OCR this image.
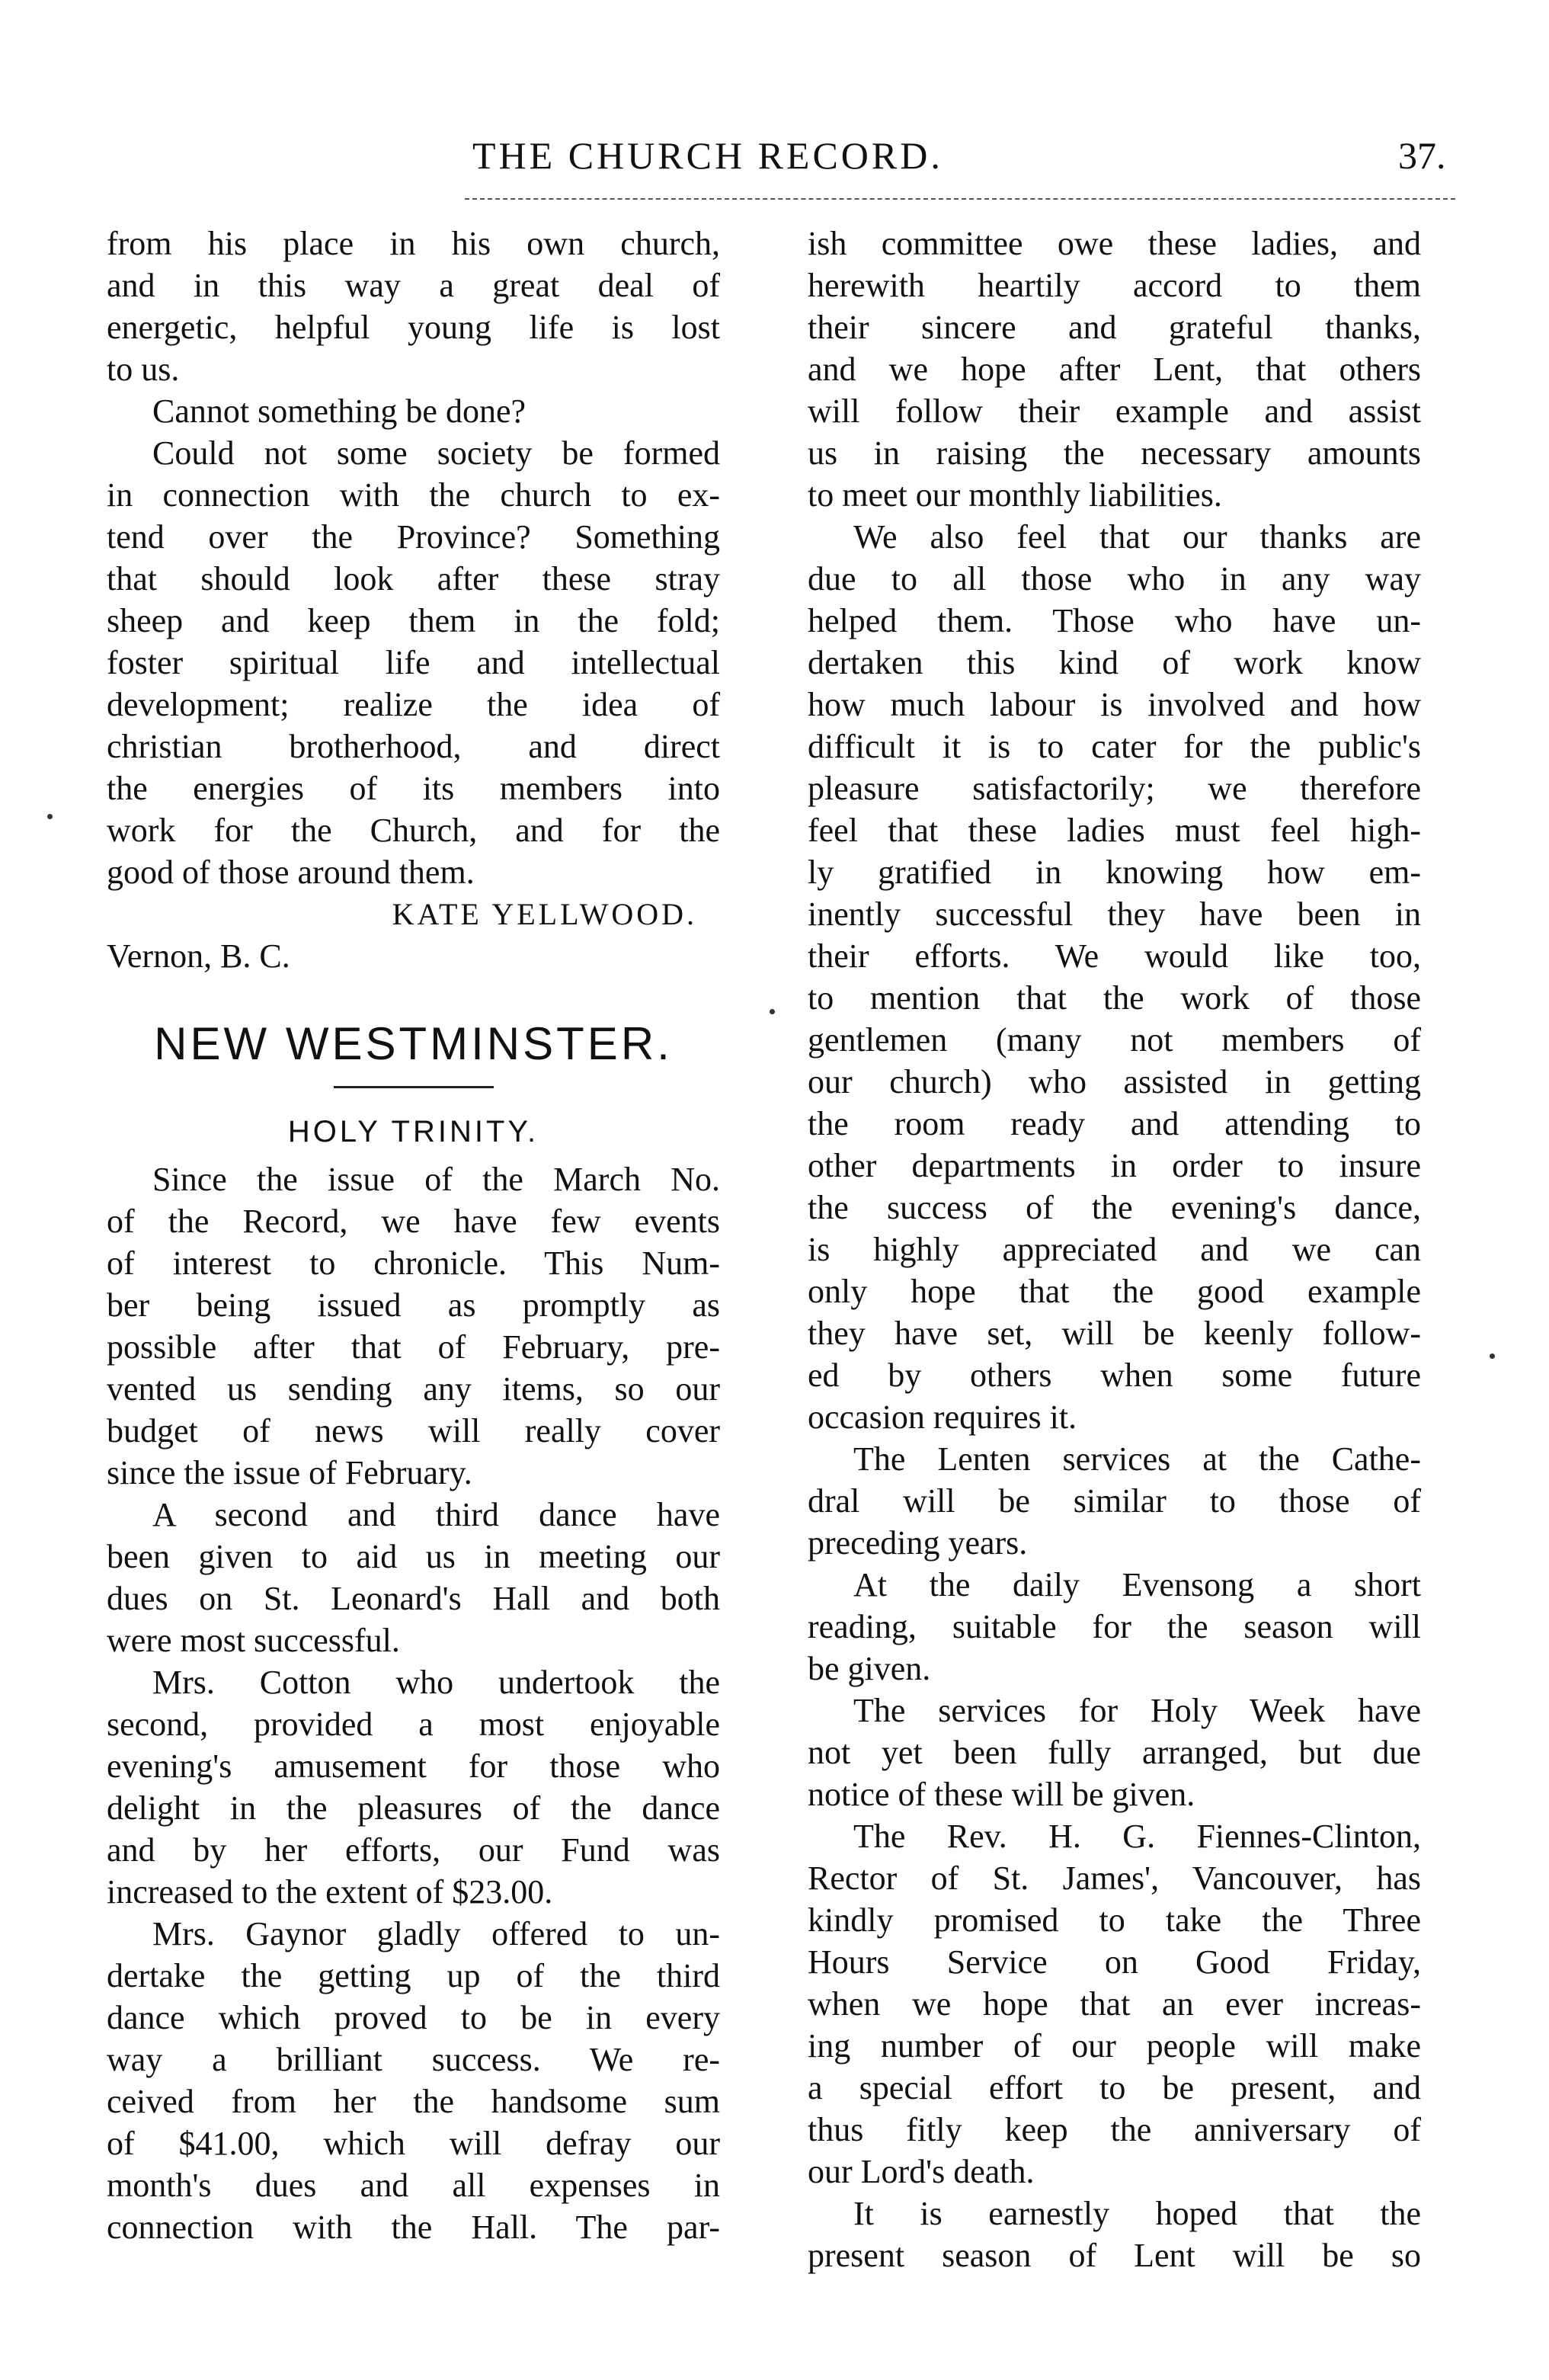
THE CHURCH RECORD.	37.
from his place in his own church,
and in this way a great deal of
energetic, helpful young life is lost
to us.
Cannot something be done?
Could not some society be formed
in connection with the church to ex-
tend over the Province? Something
that should look after these stray
sheep and keep them in the fold;
foster spiritual life and intellectual
development; realize the idea of
christian brotherhood, and direct
the energies of its members into
work for the Church, and for the
good of those around them.
KATE YELLWOOD.
Vernon, B. C.
NEW WESTMINSTER.
HOLY TRINITY.
Since the issue of the March No.
of the Record, we have few events
of interest to chronicle. This Num-
ber being issued as promptly as
possible after that of February, pre-
vented us sending any items, so our
budget of news will really cover
since the issue of February.
A second and third dance have
been given to aid us in meeting our
dues on St. Leonard's Hall and both
were most successful.
Mrs. Cotton who undertook the
second, provided a most enjoyable
evening's amusement for those who
delight in the pleasures of the dance
and by her efforts, our Fund was
increased to the extent of $23.00.
Mrs. Gaynor gladly offered to un-
dertake the getting up of the third
dance which proved to be in every
way a brilliant success. We re-
ceived from her the handsome sum
of $41.00, which will defray our
month's dues and all expenses in
connection with the Hall. The par-
ish committee owe these ladies, and
herewith heartily accord to them
their sincere and grateful thanks,
and we hope after Lent, that others
will follow their example and assist
us in raising the necessary amounts
to meet our monthly liabilities.
We also feel that our thanks are
due to all those who in any way
helped them. Those who have un-
dertaken this kind of work know
how much labour is involved and how
difficult it is to cater for the public's
pleasure satisfactorily; we therefore
feel that these ladies must feel high-
ly gratified in knowing how em-
inently successful they have been in
their efforts. We would like too,
to mention that the work of those
gentlemen (many not members of
our church) who assisted in getting
the room ready and attending to
other departments in order to insure
the success of the evening's dance,
is highly appreciated and we can
only hope that the good example
they have set, will be keenly follow-
ed by others when some future
occasion requires it.
The Lenten services at the Cathe-
dral will be similar to those of
preceding years.
At the daily Evensong a short
reading, suitable for the season will
be given.
The services for Holy Week have
not yet been fully arranged, but due
notice of these will be given.
The Rev. H. G. Fiennes-Clinton,
Rector of St. James', Vancouver, has
kindly promised to take the Three
Hours Service on Good Friday,
when we hope that an ever increas-
ing number of our people will make
a special effort to be present, and
thus fitly keep the anniversary of
our Lord's death.
It is earnestly hoped that the
present season of Lent will be so
